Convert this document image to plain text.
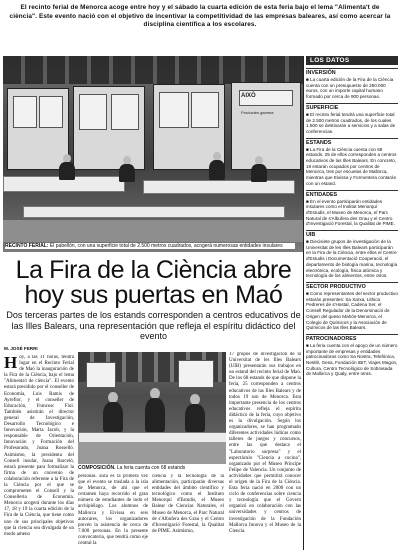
El recinto ferial de Menorca acoge entre hoy y el sábado la cuarta edición de esta feria bajo el lema "Alimenta't de ciència". Este evento nació con el objetivo de incentivar la competitividad de las empresas baleares, así como acercar la disciplina científica a los escolares.
AIXÒ
Productes gamma
RECINTO FERIAL: El pabellón, con una superficie total de 2.500 metros cuadrados, acogerá numerosas entidades insulares
La Fira de la Ciència abre
hoy sus puertas en Maó
Dos terceras partes de los estands corresponden a centros educativos de las Illes Balears, una representación que refleja el espíritu didáctico del evento
M. JOSÉ FERRI
Hoy, a las 11 horas, tendrá lugar en el Recinto Ferial de Maó la inauguración de la Fira de la Ciència, bajo el lema "Alimenta't de ciència". El evento estará presidido por el conseller de Economía, Luis Ramis de Ayreflor, y el conseller de Educación, Francesc Fiol. También asistirán el director general de Investigación, Desarrollo Tecnológico e Innovación, Marta Jacob, y la responsable de Orientación, Innovación y Formación del Profesorado, Joana Rosselló. Asimismo, la presidenta del Consell insular, Joana Barceló, estará presente para formalizar la firma de un convenio de colaboración referente a la Fira de la Ciència por el que se comprometen el Consell y la Conselleria de Economía. Menorca acogerá durante los días 17, 18 y 19 la cuarta edición de la Fira de la Ciència, que tiene como uno de sus principales objetivos que la ciencia sea divulgada de un modo ameno
COMPOSICIÓN. La feria cuenta con 68 estands
personas. Esta es la primera vez que el evento se traslada a la isla de Menorca, de ahí que el certamen haya recorrido el gran número de estudiantes de todo el archipiélago. Los alumnos de Mallorca y Eivissa en seis autocares, los organizadores prevén la asistencia de cerca de 7.000 personas. En la presente convocatoria, que tendrá como eje central la
ciencia y la tecnología de la alimentación, participarán diversas entidades del ámbito científico y tecnológico como el Instituto Menorquí d'Estudis, el Museo Balear de Ciencias Naturales, el Museo de Menorca, el Parc Natural de s'Albufera des Grau y el Centro d'Investigació Forestal, la Qualitat de PIME. Asimismo,
17 grupos de investigación de la Universitat de les Illes Balears (UIB) presentarán sus trabajos en un estand del recinto ferial de Maó. De los 68 estands de que dispone la feria, 25 corresponden a centros educativos de las Illes Balears y de todos 19 son de Menorca. Esta importante presencia de los centros educativos refleja el espíritu didáctico de la feria, cuyo objetivo es la divulgación. Según los organizadores, se han programado diferentes actividades lúdicas como talleres de juegos y concursos, entre las que destaca el "Laboratorio sorpresa" y el espectáculo "Ciencia a cocina", organizado por el Museo Príncipe Felipe de Valencia. Un conjunto de actividades que permitirá conocer el origen de la Fira de la Ciència. Esta feria nació en 2000 con un ciclo de conferencias sobre ciencia y tecnología que el Govern organizó en colaboración con las universidades y centros de investigación de la Fundación Mallorca Innova y el Museo de la Ciencia.
LOS DATOS
INVERSIÓN
■ La cuarta edición de la Fira de la Ciència cuenta con un presupuesto de 260.000 euros, con un importe capital humano formado por cerca de 900 personas.
SUPERFICIE
■ El recinto ferial tendrá una superficie total de 2.500 metros cuadrados, de los cuales 1.500 se destinarán a servicios y a salas de conferencias.
ESTANDS
■ La Fira de la Ciència cuenta con 68 estands. 25 de ellos corresponden a centros educativos de las Illes Balears. En concreto, 19 estarán ocupados por centros de Menorca, tres por escuelas de Mallorca, mientras que Eivissa y Formentera contarán con un estand.
ENTIDADES
■ En el evento participarán entidades insulares como el Institut Menorquí d'Estudis, el Museo de Menorca, el Parc Natural de s'Albufera des Grau y el Centro d'Investigació Forestal, la Qualitat de PIME.
UIB
■ Diecisiete grupos de investigación de la Universitat de les Illes Balears participarán en la Fira de la Ciència, entre ellos el Centre d'Estudis i Documentació Cooperació, el departamento de biología marina, tecnología electrónica, ecología, física atómica y tecnología de los alimentos, entre otros.
SECTOR PRODUCTIVO
■ Como representantes del sector productivo estarán presentes: Sa Xarxa, Lithica Pedreres de s'Hostal, Cadena Ser, el Consell Regulador de la Denominació de Origen del queso Mahón-Menorca, el Colegio de Químicos y la Asociación de Químicos de las Illes Balears.
PATROCINADORES
■ La feria cuenta con el apoyo de un número importante de empresas y entidades patrocinadoras como Sa Nostra, Telefónica, Nestlé, Gesa, Fundación IBIT, Viajes Magon, Cultura, Centro Tecnológico de Sobrasada de Mallorca y Qualy, entre otras.
